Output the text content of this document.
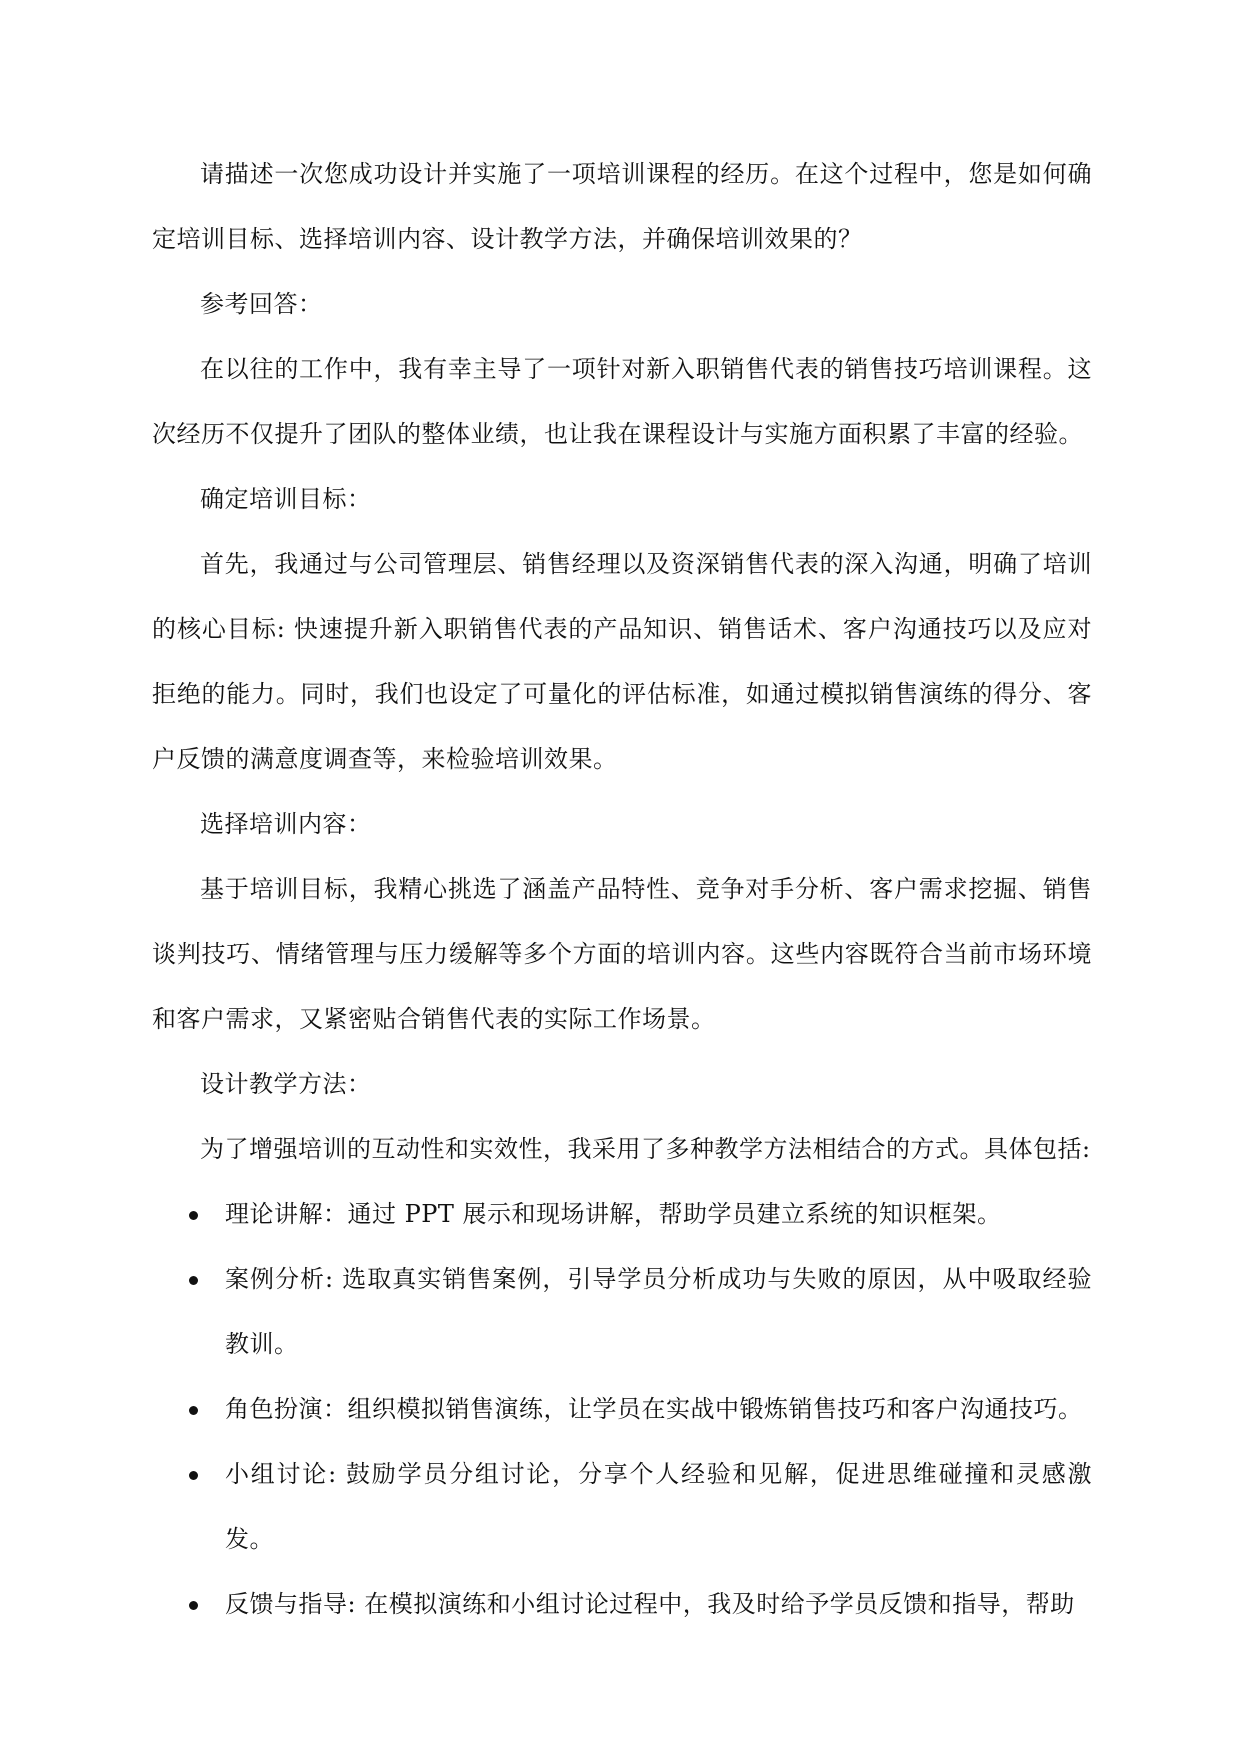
请描述一次您成功设计并实施了一项培训课程的经历。在这个过程中，您是如何确定培训目标、选择培训内容、设计教学方法，并确保培训效果的？

参考回答：

在以往的工作中，我有幸主导了一项针对新入职销售代表的销售技巧培训课程。这次经历不仅提升了团队的整体业绩，也让我在课程设计与实施方面积累了丰富的经验。

确定培训目标：

首先，我通过与公司管理层、销售经理以及资深销售代表的深入沟通，明确了培训的核心目标: 快速提升新入职销售代表的产品知识、销售话术、客户沟通技巧以及应对拒绝的能力。同时，我们也设定了可量化的评估标准，如通过模拟销售演练的得分、客户反馈的满意度调查等，来检验培训效果。

选择培训内容：

基于培训目标，我精心挑选了涵盖产品特性、竞争对手分析、客户需求挖掘、销售谈判技巧、情绪管理与压力缓解等多个方面的培训内容。这些内容既符合当前市场环境和客户需求，又紧密贴合销售代表的实际工作场景。

设计教学方法：

为了增强培训的互动性和实效性，我采用了多种教学方法相结合的方式。具体包括:

理论讲解：通过 PPT 展示和现场讲解，帮助学员建立系统的知识框架。
案例分析: 选取真实销售案例，引导学员分析成功与失败的原因，从中吸取经验教训。
角色扮演：组织模拟销售演练，让学员在实战中锻炼销售技巧和客户沟通技巧。
小组讨论: 鼓励学员分组讨论，分享个人经验和见解，促进思维碰撞和灵感激发。
反馈与指导: 在模拟演练和小组讨论过程中，我及时给予学员反馈和指导，帮助
